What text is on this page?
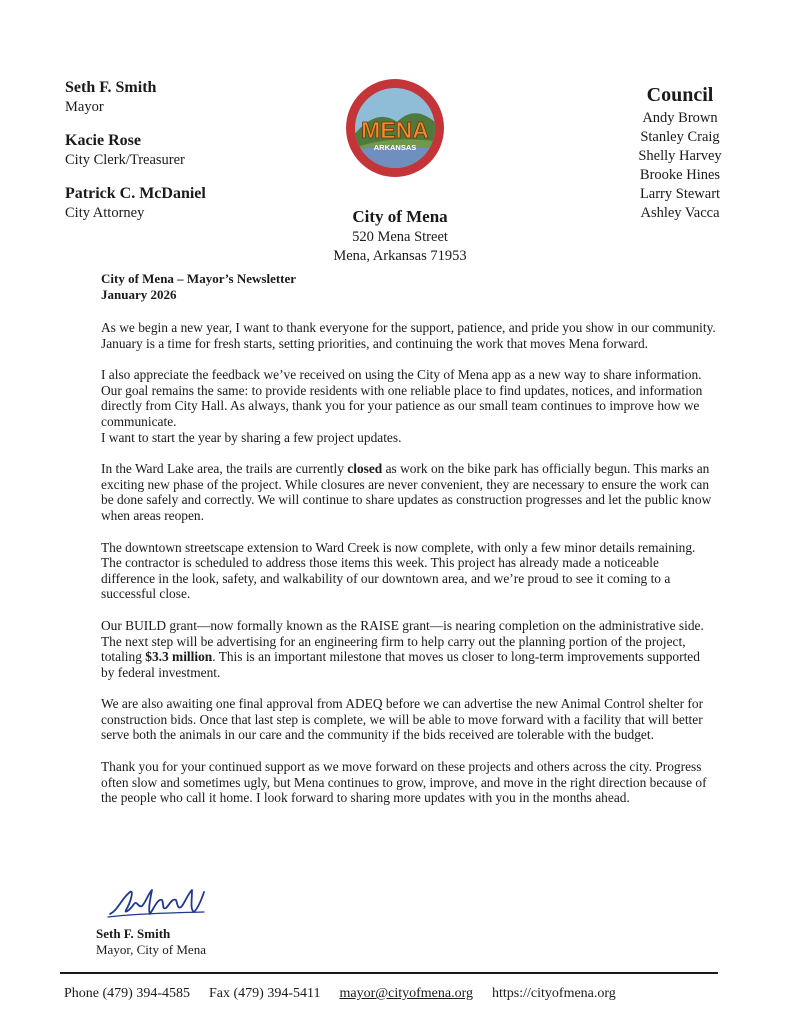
Seth F. Smith
Mayor
Kacie Rose
City Clerk/Treasurer
Patrick C. McDaniel
City Attorney
MENA
ARKANSAS
City of Mena
520 Mena Street
Mena, Arkansas 71953
Council
Andy Brown
Stanley Craig
Shelly Harvey
Brooke Hines
Larry Stewart
Ashley Vacca
City of Mena – Mayor’s Newsletter
January 2026

As we begin a new year, I want to thank everyone for the support, patience, and pride you show in our community. January is a time for fresh starts, setting priorities, and continuing the work that moves Mena forward.

I also appreciate the feedback we’ve received on using the City of Mena app as a new way to share information. Our goal remains the same: to provide residents with one reliable place to find updates, notices, and information directly from City Hall. As always, thank you for your patience as our small team continues to improve how we communicate.
I want to start the year by sharing a few project updates.

In the Ward Lake area, the trails are currently closed as work on the bike park has officially begun. This marks an exciting new phase of the project. While closures are never convenient, they are necessary to ensure the work can be done safely and correctly. We will continue to share updates as construction progresses and let the public know when areas reopen.

The downtown streetscape extension to Ward Creek is now complete, with only a few minor details remaining. The contractor is scheduled to address those items this week. This project has already made a noticeable difference in the look, safety, and walkability of our downtown area, and we’re proud to see it coming to a successful close.

Our BUILD grant—now formally known as the RAISE grant—is nearing completion on the administrative side. The next step will be advertising for an engineering firm to help carry out the planning portion of the project, totaling $3.3 million. This is an important milestone that moves us closer to long-term improvements supported by federal investment.

We are also awaiting one final approval from ADEQ before we can advertise the new Animal Control shelter for construction bids. Once that last step is complete, we will be able to move forward with a facility that will better serve both the animals in our care and the community if the bids received are tolerable with the budget.

Thank you for your continued support as we move forward on these projects and others across the city. Progress often slow and sometimes ugly, but Mena continues to grow, improve, and move in the right direction because of the people who call it home. I look forward to sharing more updates with you in the months ahead.

Seth F. Smith
Mayor, City of Mena
Phone (479) 394-4585 Fax (479) 394-5411 mayor@cityofmena.org https://cityofmena.org
